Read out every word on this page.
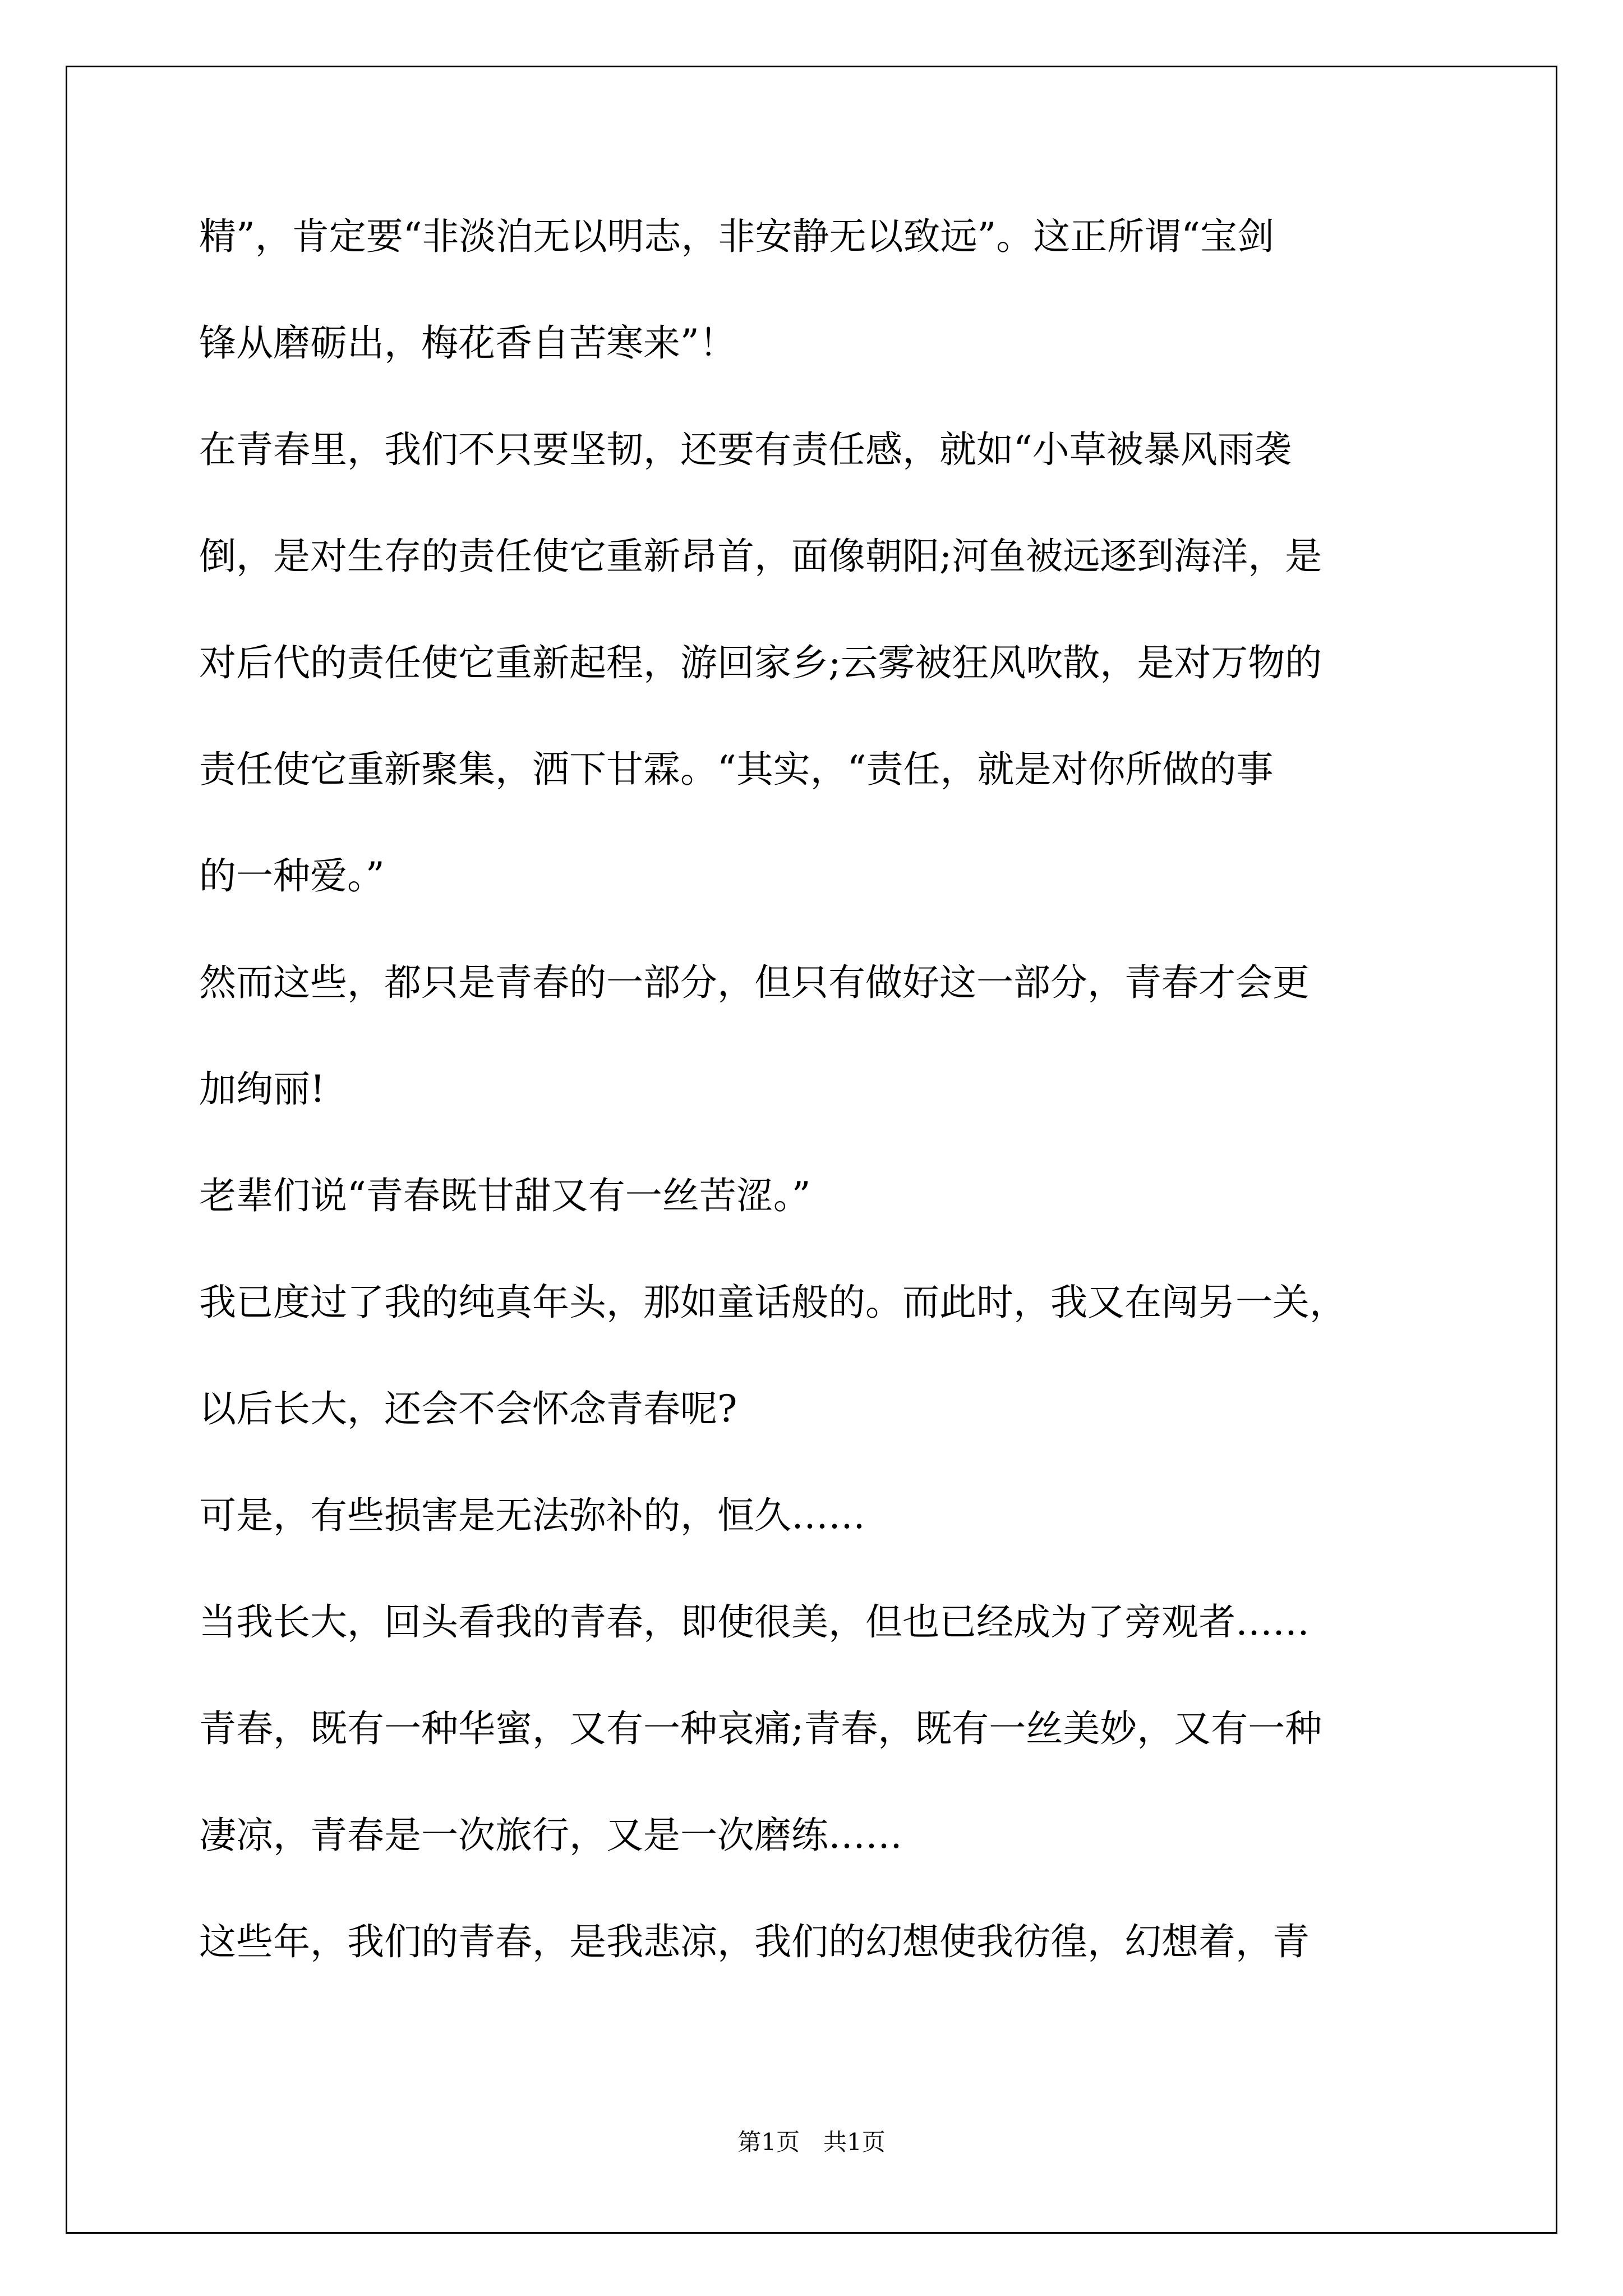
精”，肯定要“非淡泊无以明志，非安静无以致远”。这正所谓“宝剑
锋从磨砺出，梅花香自苦寒来”！
在青春里，我们不只要坚韧，还要有责任感，就如“小草被暴风雨袭
倒，是对生存的责任使它重新昂首，面像朝阳;河鱼被远逐到海洋，是
对后代的责任使它重新起程，游回家乡;云雾被狂风吹散，是对万物的
责任使它重新聚集，洒下甘霖。“其实，“责任，就是对你所做的事
的一种爱。”
然而这些，都只是青春的一部分，但只有做好这一部分，青春才会更
加绚丽!
老辈们说“青春既甘甜又有一丝苦涩。”
我已度过了我的纯真年头，那如童话般的。而此时，我又在闯另一关，
以后长大，还会不会怀念青春呢?
可是，有些损害是无法弥补的，恒久……
当我长大，回头看我的青春，即使很美，但也已经成为了旁观者……
青春，既有一种华蜜，又有一种哀痛;青春，既有一丝美妙，又有一种
凄凉，青春是一次旅行，又是一次磨练……
这些年，我们的青春，是我悲凉，我们的幻想使我彷徨，幻想着，青
第1页　共1页
